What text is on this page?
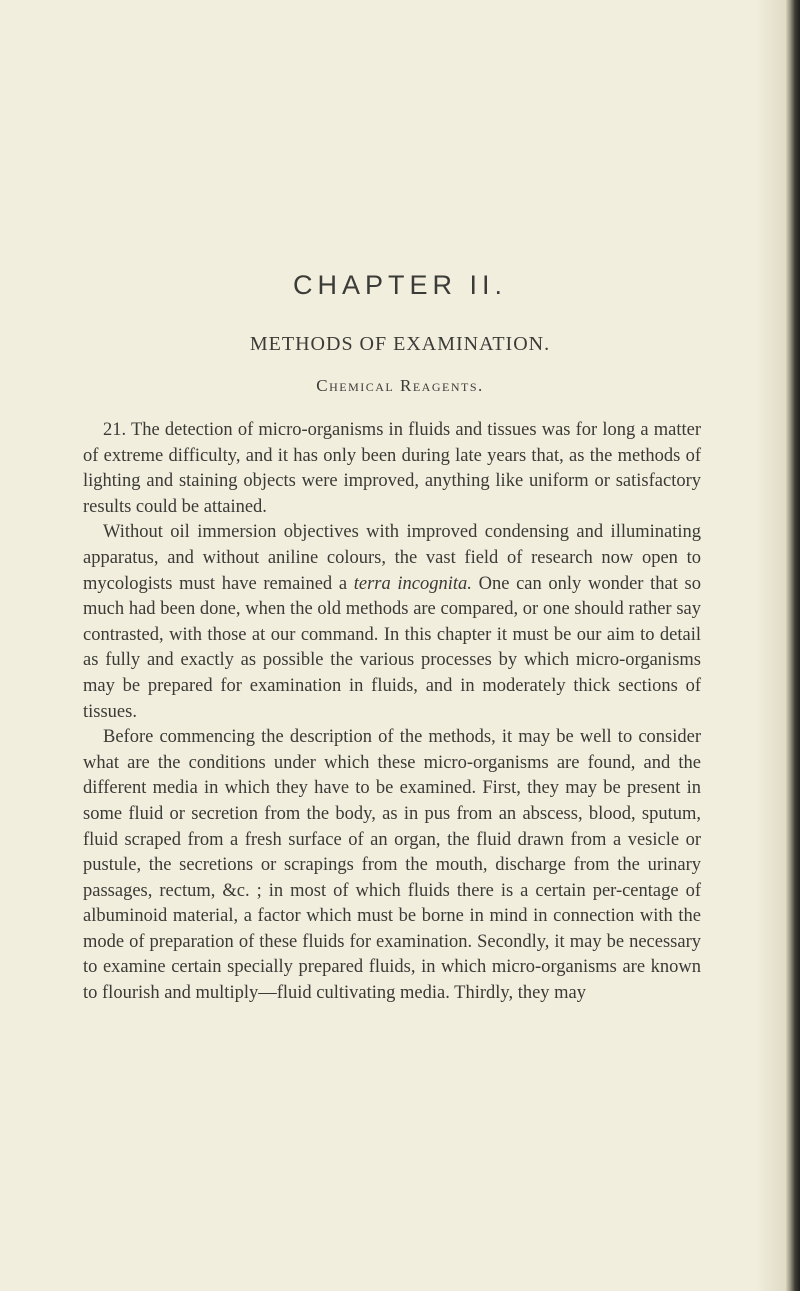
CHAPTER II.
METHODS OF EXAMINATION.
Chemical Reagents.

21. The detection of micro-organisms in fluids and tissues was for long a matter of extreme difficulty, and it has only been during late years that, as the methods of lighting and staining objects were improved, anything like uniform or satisfactory results could be attained.

Without oil immersion objectives with improved condensing and illuminating apparatus, and without aniline colours, the vast field of research now open to mycologists must have remained a terra incognita. One can only wonder that so much had been done, when the old methods are compared, or one should rather say contrasted, with those at our command. In this chapter it must be our aim to detail as fully and exactly as possible the various processes by which micro-organisms may be prepared for examination in fluids, and in moderately thick sections of tissues.

Before commencing the description of the methods, it may be well to consider what are the conditions under which these micro-organisms are found, and the different media in which they have to be examined. First, they may be present in some fluid or secretion from the body, as in pus from an abscess, blood, sputum, fluid scraped from a fresh surface of an organ, the fluid drawn from a vesicle or pustule, the secretions or scrapings from the mouth, discharge from the urinary passages, rectum, &c. ; in most of which fluids there is a certain per-centage of albuminoid material, a factor which must be borne in mind in connection with the mode of preparation of these fluids for examination. Secondly, it may be necessary to examine certain specially prepared fluids, in which micro-organisms are known to flourish and multiply—fluid cultivating media. Thirdly, they may
